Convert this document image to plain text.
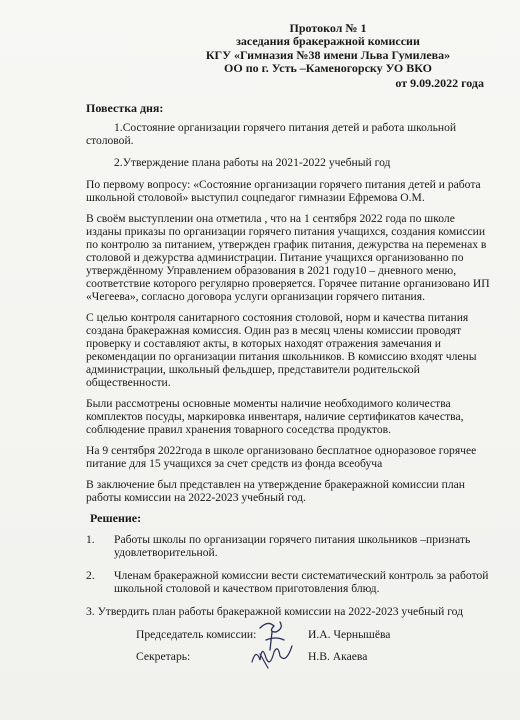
Протокол № 1
заседания бракеражной комиссии
КГУ «Гимназия №38 имени Льва Гумилева»
ОО по г. Усть –Каменогорску УО ВКО
от 9.09.2022 года
Повестка дня:
1.Состояние организации горячего питания детей и работа школьной столовой.
2.Утверждение плана работы на 2021-2022 учебный год

По первому вопросу: «Состояние организации горячего питания детей и работа школьной столовой» выступил соцпедагог гимназии Ефремова О.М.

В своём выступлении она отметила , что на 1 сентября 2022 года по школе изданы приказы по организации горячего питания учащихся, создания комиссии по контролю за питанием, утвержден график питания, дежурства на переменах в столовой и дежурства администрации. Питание учащихся организованно по утверждённому Управлением образования в 2021 году10 – дневного меню, соответствие которого регулярно проверяется. Горячее питание организовано ИП «Чегеева», согласно договора услуги организации горячего питания.

С целью контроля санитарного состояния столовой, норм и качества питания создана бракеражная комиссия. Один раз в месяц члены комиссии проводят проверку и составляют акты, в которых находят отражения замечания и рекомендации по организации питания школьников. В комиссию входят члены администрации, школьный фельдшер, представители родительской общественности.

Были рассмотрены основные моменты наличие необходимого количества комплектов посуды, маркировка инвентаря, наличие сертификатов качества, соблюдение правил хранения товарного соседства продуктов.

На 9 сентября 2022года в школе организовано бесплатное одноразовое горячее питание для 15 учащихся за счет средств из фонда всеобуча

В заключение был представлен на утверждение бракеражной комиссии план работы комиссии на 2022-2023 учебный год.

Решение:
1.	Работы школы по организации горячего питания школьников –признать удовлетворительной.
2.	Членам бракеражной комиссии вести систематический контроль за работой школьной столовой и качеством приготовления блюд.
3. Утвердить план работы бракеражной комиссии на 2022-2023 учебный год
Председатель комиссии:	И.А. Чернышёва
Секретарь:	Н.В. Акаева
